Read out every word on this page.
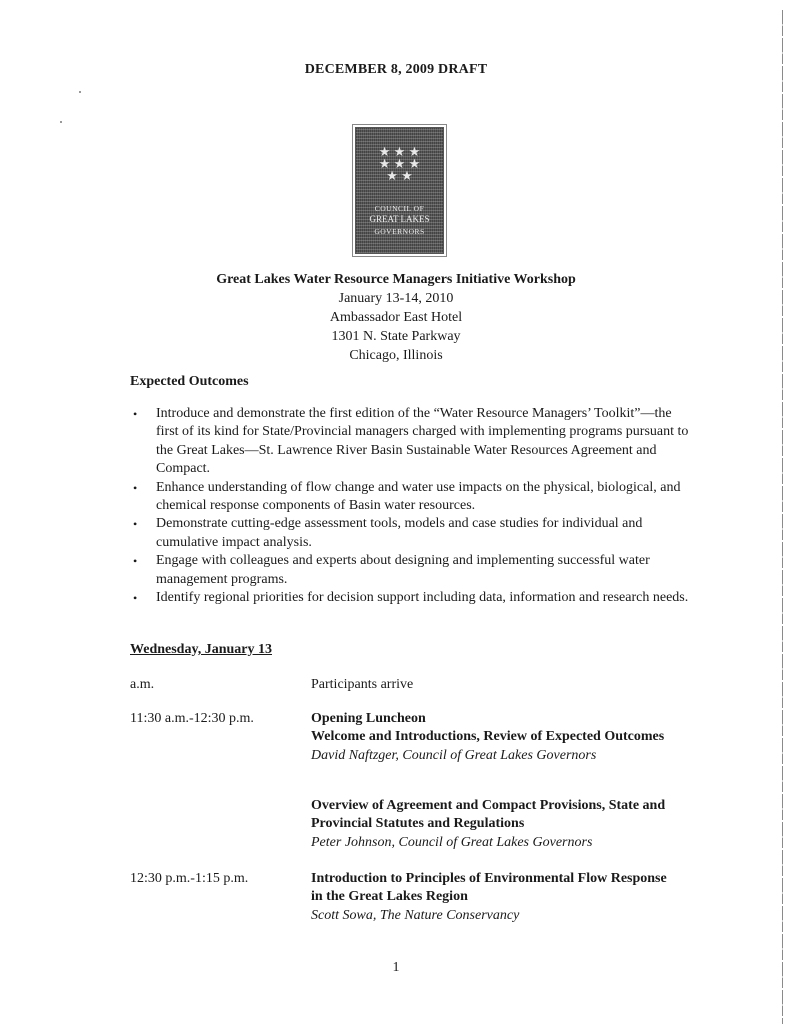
DECEMBER 8, 2009 DRAFT
★ ★ ★
★ ★ ★
★ ★
COUNCIL OF
GREAT LAKES
GOVERNORS
Great Lakes Water Resource Managers Initiative Workshop
January 13-14, 2010
Ambassador East Hotel
1301 N. State Parkway
Chicago, Illinois
Expected Outcomes
• Introduce and demonstrate the first edition of the “Water Resource Managers’ Toolkit”—the first of its kind for State/Provincial managers charged with implementing programs pursuant to the Great Lakes—St. Lawrence River Basin Sustainable Water Resources Agreement and Compact.
• Enhance understanding of flow change and water use impacts on the physical, biological, and chemical response components of Basin water resources.
• Demonstrate cutting-edge assessment tools, models and case studies for individual and cumulative impact analysis.
• Engage with colleagues and experts about designing and implementing successful water management programs.
• Identify regional priorities for decision support including data, information and research needs.
Wednesday, January 13
a.m.	Participants arrive
11:30 a.m.-12:30 p.m.	Opening Luncheon
Welcome and Introductions, Review of Expected Outcomes
David Naftzger, Council of Great Lakes Governors
Overview of Agreement and Compact Provisions, State and Provincial Statutes and Regulations
Peter Johnson, Council of Great Lakes Governors
12:30 p.m.-1:15 p.m.	Introduction to Principles of Environmental Flow Response in the Great Lakes Region
Scott Sowa, The Nature Conservancy
1
